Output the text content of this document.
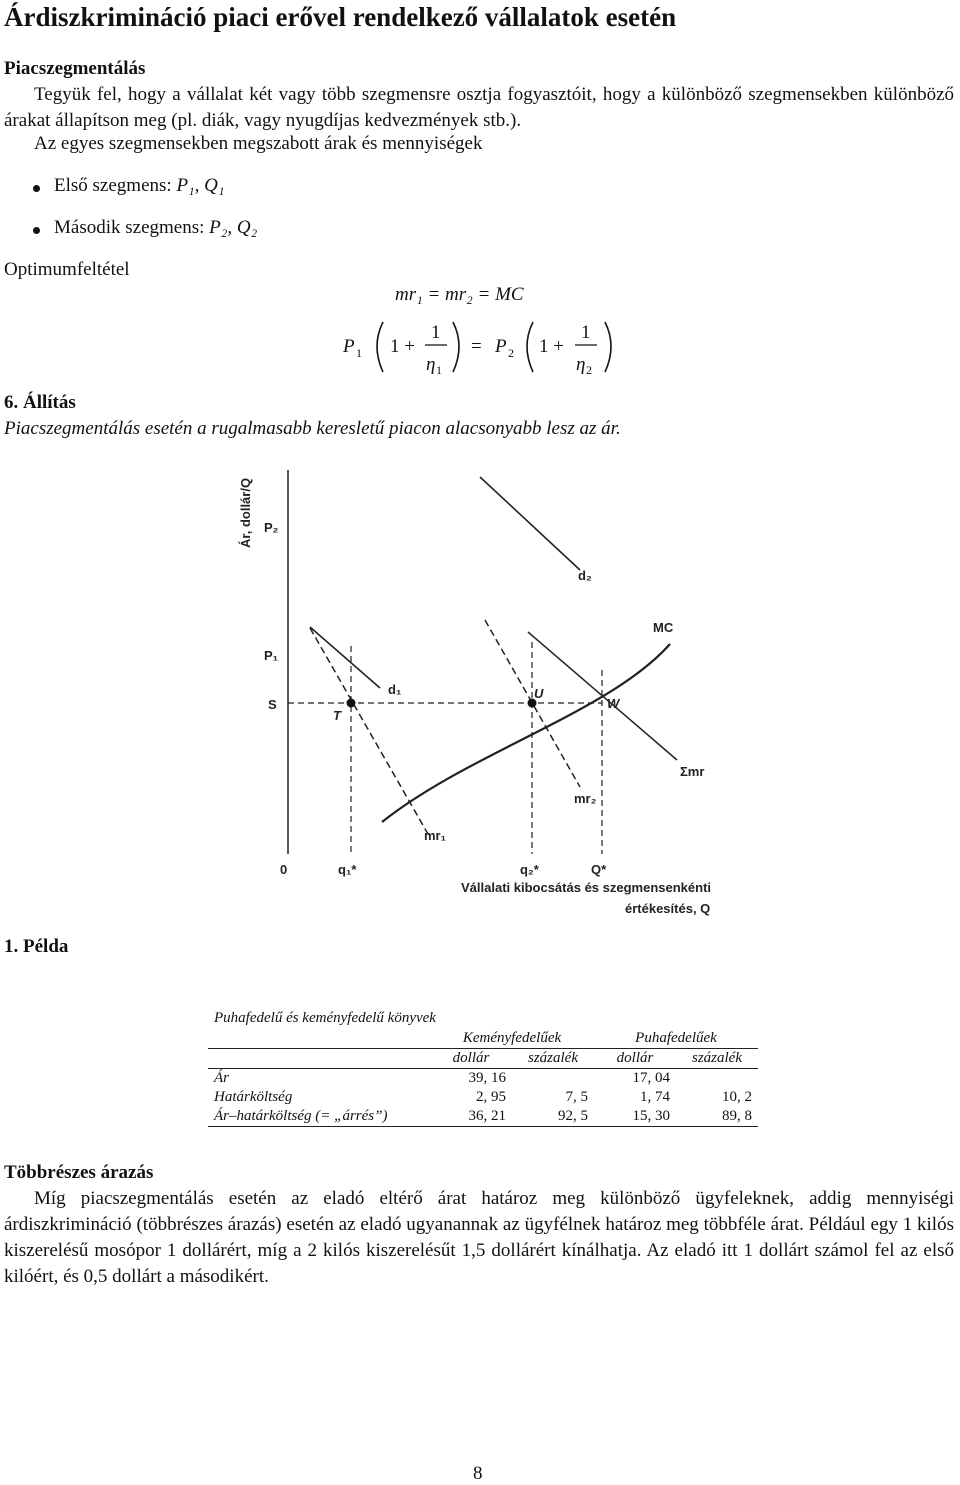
Árdiszkrimináció piaci erővel rendelkező vállalatok esetén
Piacszegmentálás
Tegyük fel, hogy a vállalat két vagy több szegmensre osztja fogyasztóit, hogy a különböző szegmensekben különböző árakat állapítson meg (pl. diák, vagy nyugdíjas kedvezmények stb.).
Az egyes szegmensekben megszabott árak és mennyiségek
Első szegmens: P₁, Q₁
Második szegmens: P₂, Q₂
Optimumfeltétel
mr₁ = mr₂ = MC
P 1 1 +
1
η 1
= P 2 1 +
1
η 2
6. Állítás
Piacszegmentálás esetén a rugalmasabb keresletű piacon alacsonyabb lesz az ár.
Ár, dollár/Q P₂
P₁
S
d₂
d₁
mr₁
mr₂
MC
Σmr
T
U
W
0	q₁*	q₂*	Q*
Vállalati kibocsátás és szegmensenkénti
értékesítés, Q
1. Példa
Puhafedelű és keményfedelű könyvek
	Keményfedelűek		Puhafedelűek	
	dollár	százalék	dollár	százalék
Ár	39, 16		17, 04	
Határköltség	2, 95	7, 5	1, 74	10, 2
Ár–határköltség (= „árrés”)	36, 21	92, 5	15, 30	89, 8
Többrészes árazás
Míg piacszegmentálás esetén az eladó eltérő árat határoz meg különböző ügyfeleknek, addig mennyiségi árdiszkrimináció (többrészes árazás) esetén az eladó ugyanannak az ügyfélnek határoz meg többféle árat. Például egy 1 kilós kiszerelésű mosópor 1 dollárért, míg a 2 kilós kiszerelésűt 1,5 dollárért kínálhatja. Az eladó itt 1 dollárt számol fel az első kilóért, és 0,5 dollárt a másodikért.
8
